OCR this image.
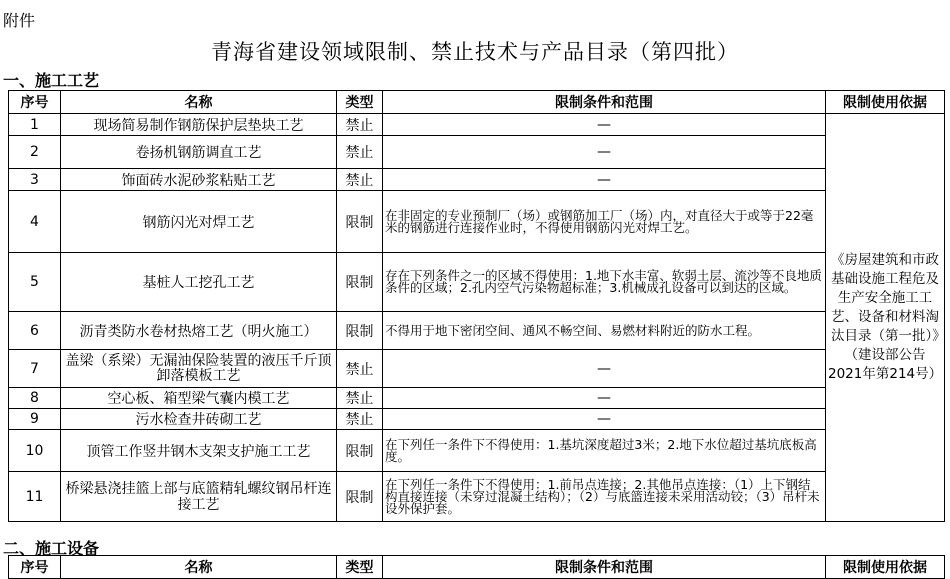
附件
青海省建设领域限制、禁止技术与产品目录（第四批）
一、施工工艺
序号	名称	类型	限制条件和范围	限制使用依据
1	现场简易制作钢筋保护层垫块工艺	禁止	—	《房屋建筑和市政基础设施工程危及生产安全施工工艺、设备和材料淘汰目录（第一批）》（建设部公告2021年第214号）
2	卷扬机钢筋调直工艺	禁止	—	
3	饰面砖水泥砂浆粘贴工艺	禁止	—	
4	钢筋闪光对焊工艺	限制	在非固定的专业预制厂（场）或钢筋加工厂（场）内，对直径大于或等于22毫米的钢筋进行连接作业时，不得使用钢筋闪光对焊工艺。	
5	基桩人工挖孔工艺	限制	存在下列条件之一的区域不得使用：1.地下水丰富、软弱土层、流沙等不良地质条件的区域；2.孔内空气污染物超标准；3.机械成孔设备可以到达的区域。	
6	沥青类防水卷材热熔工艺（明火施工）	限制	不得用于地下密闭空间、通风不畅空间、易燃材料附近的防水工程。	
7	盖梁（系梁）无漏油保险装置的液压千斤顶卸落模板工艺	禁止	—	
8	空心板、箱型梁气囊内模工艺	禁止	—	
9	污水检查井砖砌工艺	禁止	—	
10	顶管工作竖井钢木支架支护施工工艺	限制	在下列任一条件下不得使用：1.基坑深度超过3米；2.地下水位超过基坑底板高度。	
11	桥梁悬浇挂篮上部与底篮精轧螺纹钢吊杆连接工艺	限制	在下列任一条件下不得使用：1.前吊点连接；2.其他吊点连接：（1）上下钢结构直接连接（未穿过混凝土结构）；（2）与底篮连接未采用活动铰；（3）吊杆未设外保护套。	
二、施工设备
序号	名称	类型	限制条件和范围	限制使用依据
